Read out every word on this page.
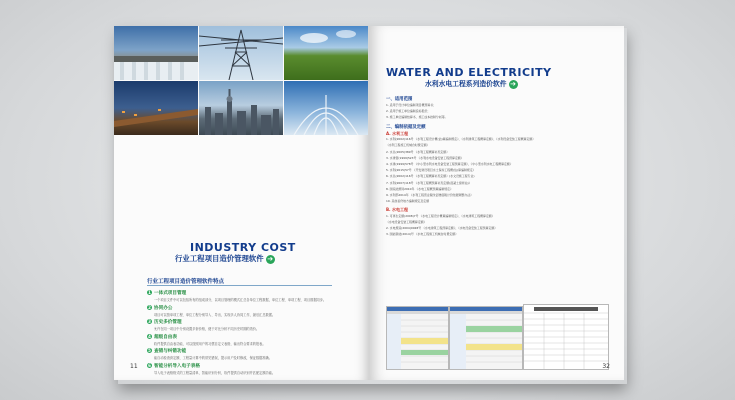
INDUSTRY COST
行业工程项目造价管理软件 ➔
行业工程项目造价管理软件特点
1 一体式项目管理
一个项目文件中可以包括所有的组成部分，以项目管理的模式汇总各单位工程数据，单位工程、单项工程、项目数据同步。
2 协同办公
项目可以按单项工程、单位工程分别导入、导出，实现多人协同工作，最后汇总数据。
3 历史多价管理
允许在同一项目中分别设置多套价格，便于对比分析不同历史时期的造价。
4 超级自由表
软件提供自由表功能，可以按照用户的习惯自定义表格，输出符合要求的报表。
5 查错与纠错功能
能自动检查套定额、工程量计算中的常见错误，提示用户及时修改，保证数据准确。
6 智能分析导入电子表格
导入电子表格格式的工程量清单，智能识别分析，软件提供自动识别并匹配定额功能。
11
WATER AND ELECTRICITY
水利水电工程系列造价软件 ➔
一、适用范围
1. 适用于设计单位编制项目概预算书；
2. 适用于施工单位编制投标报价；
3. 施工单位编制结算书、施工成本控制分析等。
二、编制依据及定额
A. 水利工程
1. 水利(2002)116号 《水利工程设计概(估)算编制规定》、《水利建筑工程概算定额》、《水利设备安装工程概算定额》
《水利工程施工机械台时费定额》
2. 水总(2005)389号 《水利工程概算补充定额》
3. 水建管(1999)523号 《水利水电设备安装工程预算定额》
4. 水建(1999)578号 《中小型水利水电设备安装工程预算定额》、《中小型水利水电工程概算定额》
5. 水利(2015)57号 《开发建设项目水土保持工程概(估)算编制规定》
6. 水总(2002)116号 《水利工程概算补充定额》(水文设施工程专业)
7. 水利(2007)118号 《水利工程概预算补充定额(混凝土搅拌站)》
8. 国家能源局2010年 《水电工程概预算编制规定》
9. 水利部2014年 《水利工程营业税改征增值税计价依据调整办法》
10. 其他省份地方编制规定及定额
B. 水电工程
1. 可再生定额(2008)7号 《水电工程设计概算编制规定》、《水电建筑工程概算定额》
《水电设备安装工程概算定额》
2. 水电规造(2004)0028号 《水电建筑工程预算定额》、《水电设备安装工程预算定额》
3. 国能新能(2014)号 《水电工程施工机械台时费定额》
32
